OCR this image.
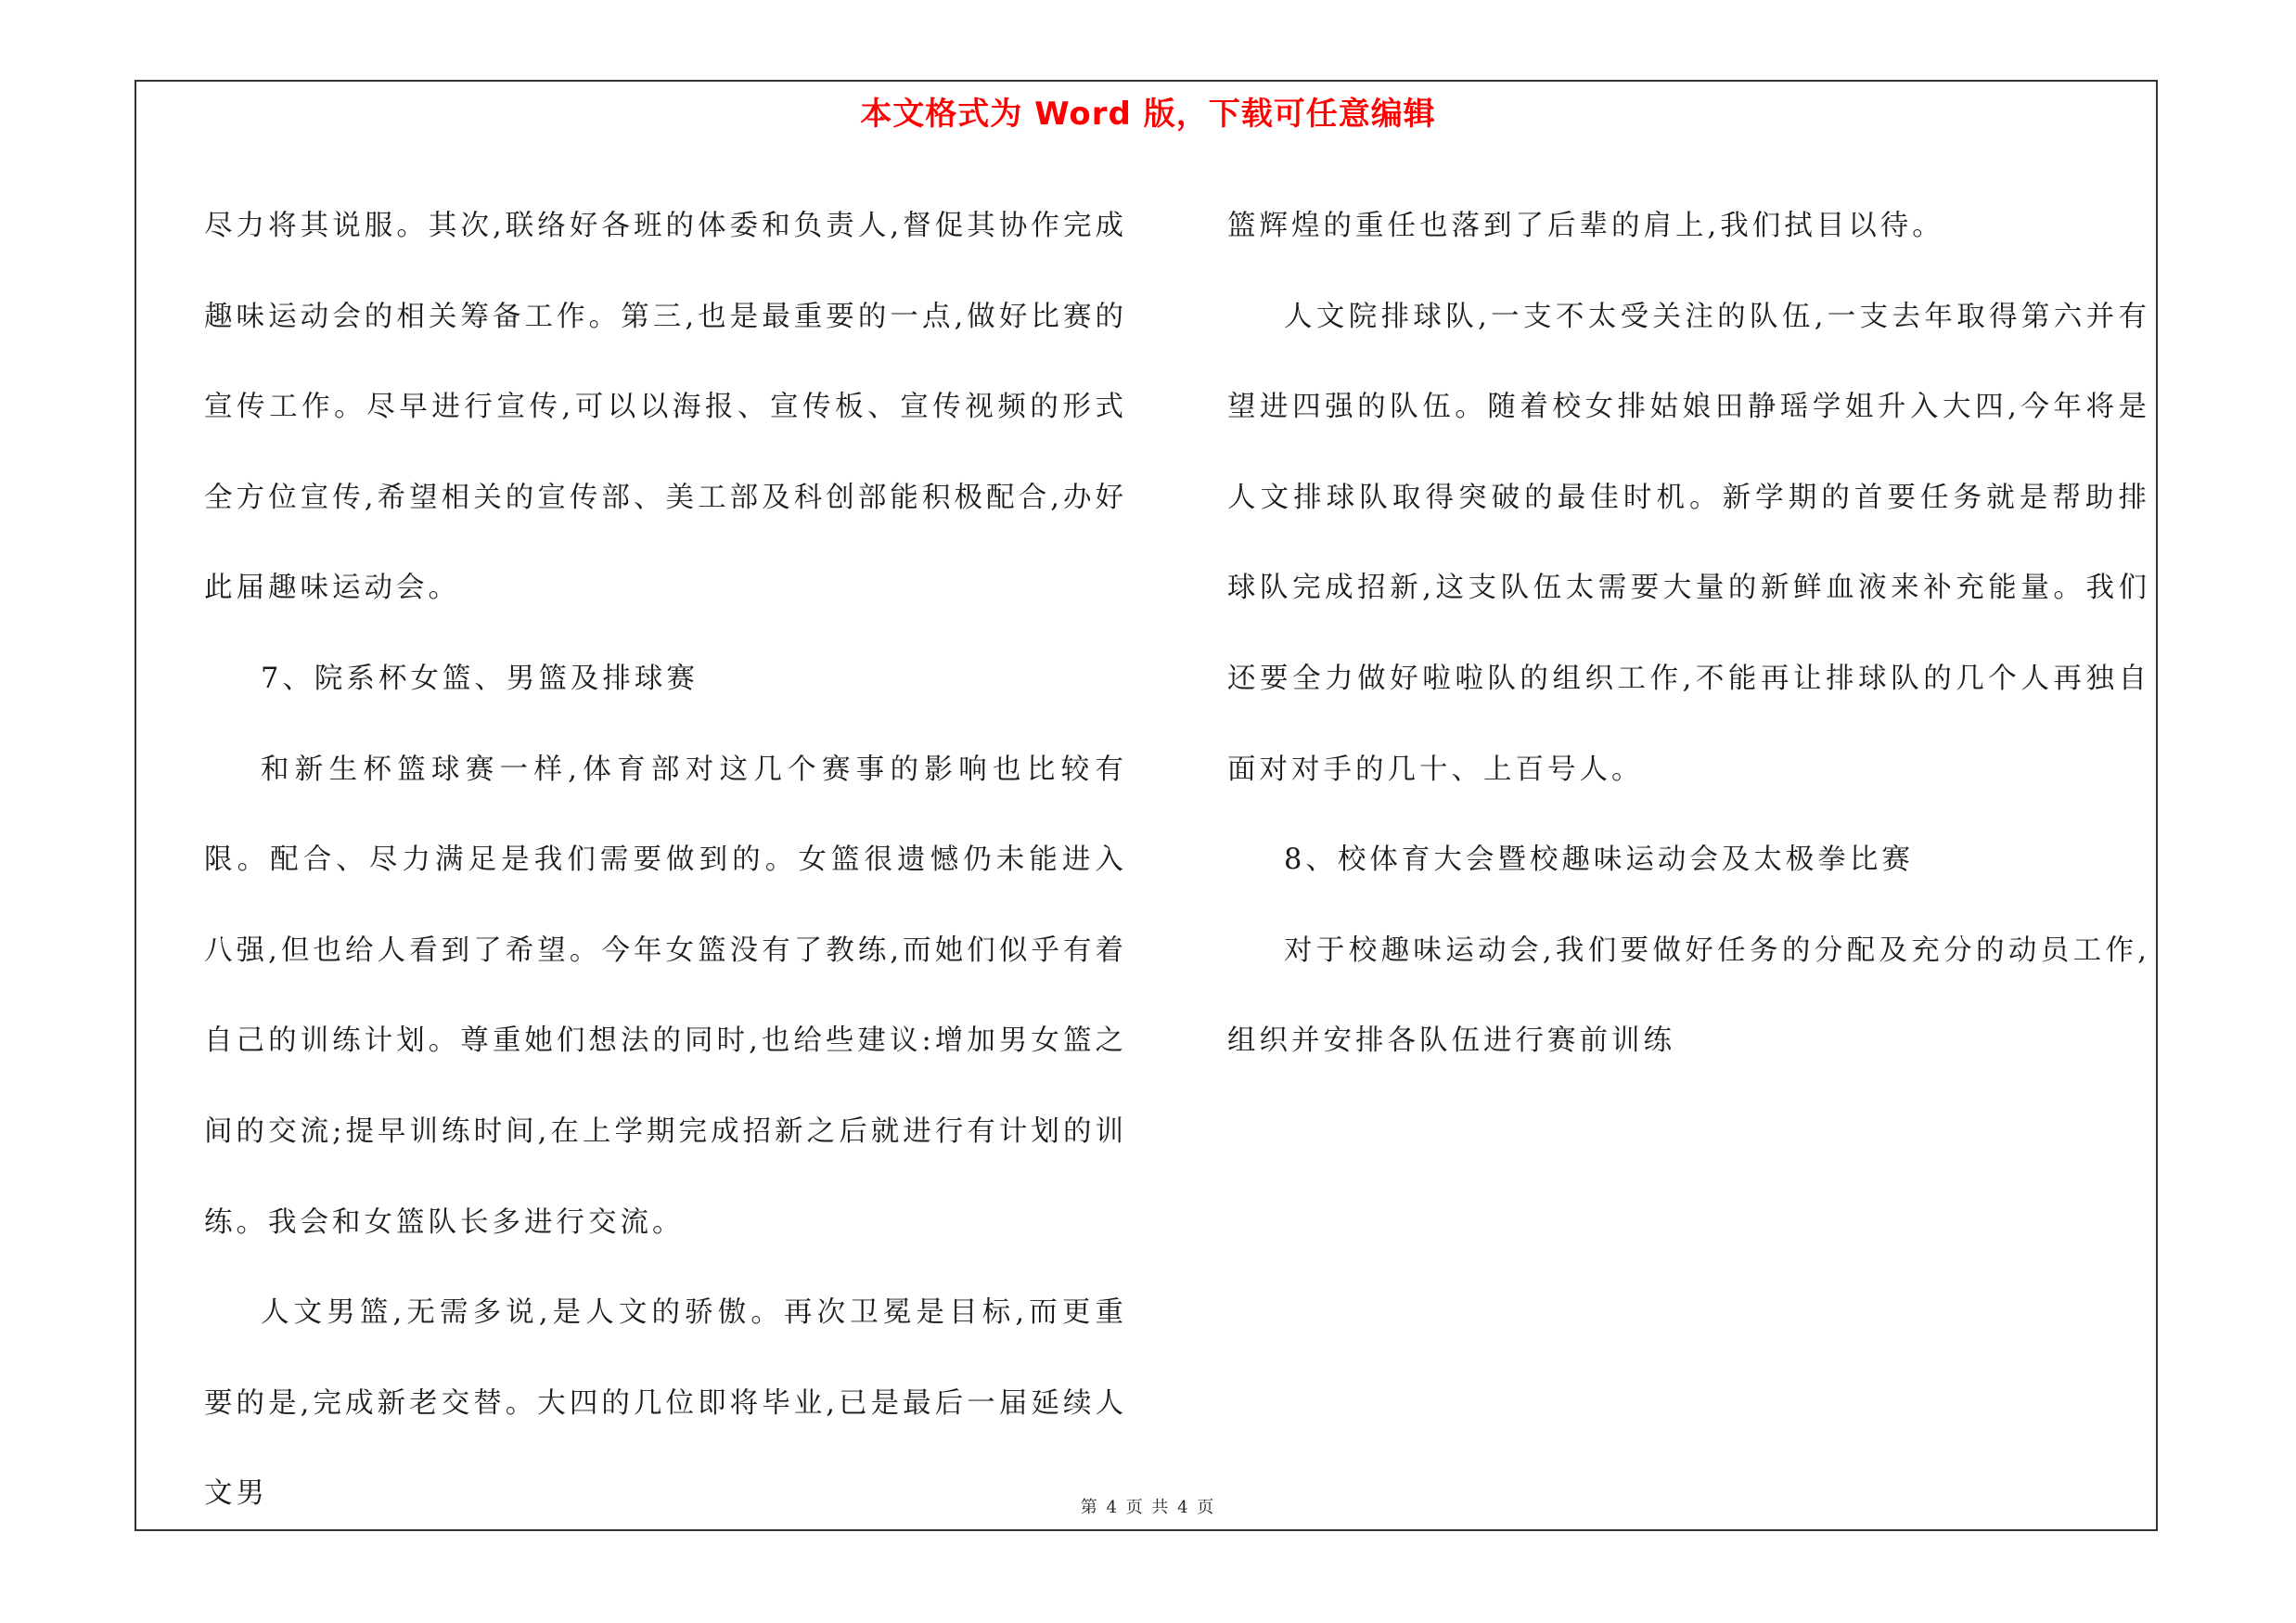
本文格式为 Word 版，下载可任意编辑

尽力将其说服。其次,联络好各班的体委和负责人,督促其协作完成趣味运动会的相关筹备工作。第三,也是最重要的一点,做好比赛的宣传工作。尽早进行宣传,可以以海报、宣传板、宣传视频的形式全方位宣传,希望相关的宣传部、美工部及科创部能积极配合,办好此届趣味运动会。

7、院系杯女篮、男篮及排球赛

和新生杯篮球赛一样,体育部对这几个赛事的影响也比较有限。配合、尽力满足是我们需要做到的。女篮很遗憾仍未能进入八强,但也给人看到了希望。今年女篮没有了教练,而她们似乎有着自己的训练计划。尊重她们想法的同时,也给些建议:增加男女篮之间的交流;提早训练时间,在上学期完成招新之后就进行有计划的训练。我会和女篮队长多进行交流。

人文男篮,无需多说,是人文的骄傲。再次卫冕是目标,而更重要的是,完成新老交替。大四的几位即将毕业,已是最后一届延续人文男

篮辉煌的重任也落到了后辈的肩上,我们拭目以待。

人文院排球队,一支不太受关注的队伍,一支去年取得第六并有望进四强的队伍。随着校女排姑娘田静瑶学姐升入大四,今年将是人文排球队取得突破的最佳时机。新学期的首要任务就是帮助排球队完成招新,这支队伍太需要大量的新鲜血液来补充能量。我们还要全力做好啦啦队的组织工作,不能再让排球队的几个人再独自面对对手的几十、上百号人。

8、校体育大会暨校趣味运动会及太极拳比赛

对于校趣味运动会,我们要做好任务的分配及充分的动员工作,组织并安排各队伍进行赛前训练

第 4 页 共 4 页
